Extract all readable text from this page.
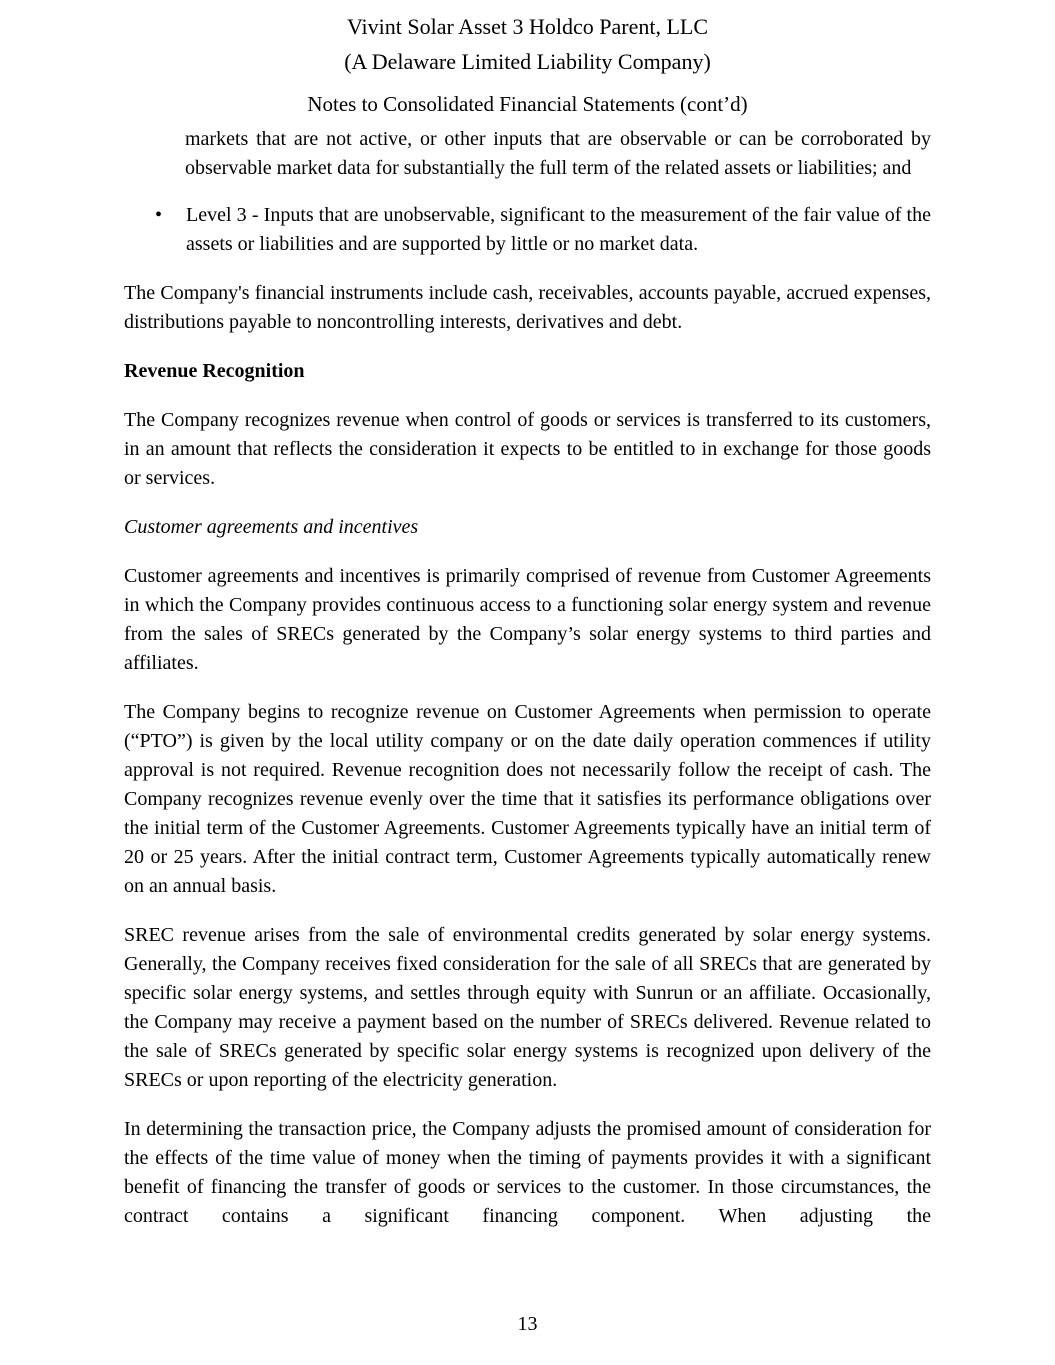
Vivint Solar Asset 3 Holdco Parent, LLC
(A Delaware Limited Liability Company)
Notes to Consolidated Financial Statements (cont’d)

markets that are not active, or other inputs that are observable or can be corroborated by observable market data for substantially the full term of the related assets or liabilities; and

• Level 3 - Inputs that are unobservable, significant to the measurement of the fair value of the assets or liabilities and are supported by little or no market data.

The Company's financial instruments include cash, receivables, accounts payable, accrued expenses, distributions payable to noncontrolling interests, derivatives and debt.

Revenue Recognition

The Company recognizes revenue when control of goods or services is transferred to its customers, in an amount that reflects the consideration it expects to be entitled to in exchange for those goods or services.

Customer agreements and incentives

Customer agreements and incentives is primarily comprised of revenue from Customer Agreements in which the Company provides continuous access to a functioning solar energy system and revenue from the sales of SRECs generated by the Company’s solar energy systems to third parties and affiliates.

The Company begins to recognize revenue on Customer Agreements when permission to operate (“PTO”) is given by the local utility company or on the date daily operation commences if utility approval is not required. Revenue recognition does not necessarily follow the receipt of cash. The Company recognizes revenue evenly over the time that it satisfies its performance obligations over the initial term of the Customer Agreements. Customer Agreements typically have an initial term of 20 or 25 years. After the initial contract term, Customer Agreements typically automatically renew on an annual basis.

SREC revenue arises from the sale of environmental credits generated by solar energy systems. Generally, the Company receives fixed consideration for the sale of all SRECs that are generated by specific solar energy systems, and settles through equity with Sunrun or an affiliate. Occasionally, the Company may receive a payment based on the number of SRECs delivered. Revenue related to the sale of SRECs generated by specific solar energy systems is recognized upon delivery of the SRECs or upon reporting of the electricity generation.

In determining the transaction price, the Company adjusts the promised amount of consideration for the effects of the time value of money when the timing of payments provides it with a significant benefit of financing the transfer of goods or services to the customer. In those circumstances, the contract contains a significant financing component. When adjusting the

13
